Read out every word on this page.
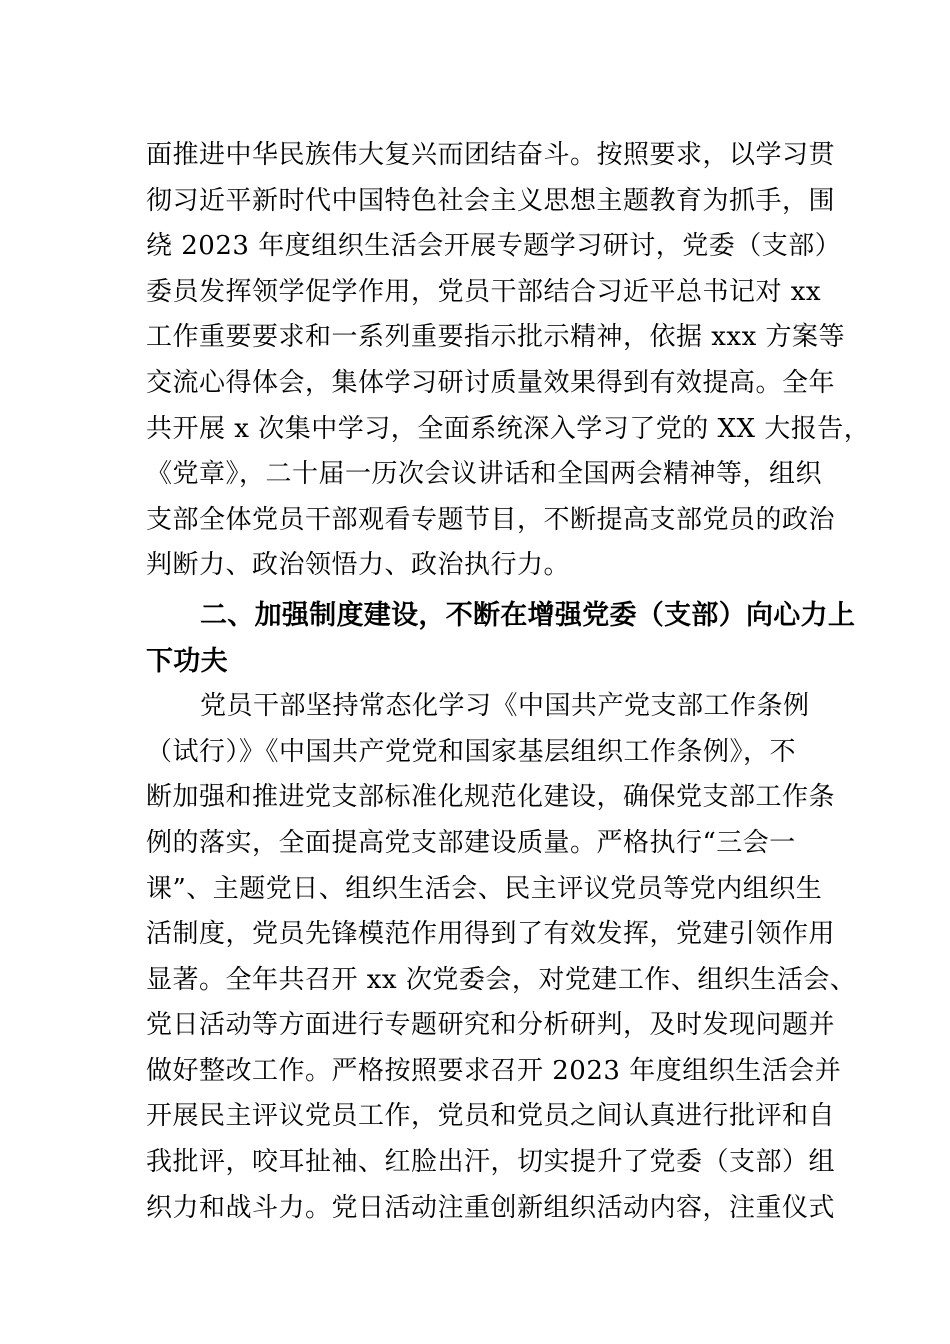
面推进中华民族伟大复兴而团结奋斗。按照要求，以学习贯
彻习近平新时代中国特色社会主义思想主题教育为抓手，围
绕 2023 年度组织生活会开展专题学习研讨，党委（支部）
委员发挥领学促学作用，党员干部结合习近平总书记对 xx
工作重要要求和一系列重要指示批示精神，依据 xxx 方案等
交流心得体会，集体学习研讨质量效果得到有效提高。全年
共开展 x 次集中学习，全面系统深入学习了党的 XX 大报告，
《党章》，二十届一历次会议讲话和全国两会精神等，组织
支部全体党员干部观看专题节目，不断提高支部党员的政治
判断力、政治领悟力、政治执行力。
二、加强制度建设，不断在增强党委（支部）向心力上
下功夫
党员干部坚持常态化学习《中国共产党支部工作条例
（试行）》《中国共产党党和国家基层组织工作条例》，不
断加强和推进党支部标准化规范化建设，确保党支部工作条
例的落实，全面提高党支部建设质量。严格执行“三会一
课”、主题党日、组织生活会、民主评议党员等党内组织生
活制度，党员先锋模范作用得到了有效发挥，党建引领作用
显著。全年共召开 xx 次党委会，对党建工作、组织生活会、
党日活动等方面进行专题研究和分析研判，及时发现问题并
做好整改工作。严格按照要求召开 2023 年度组织生活会并
开展民主评议党员工作，党员和党员之间认真进行批评和自
我批评，咬耳扯袖、红脸出汗，切实提升了党委（支部）组
织力和战斗力。党日活动注重创新组织活动内容，注重仪式
